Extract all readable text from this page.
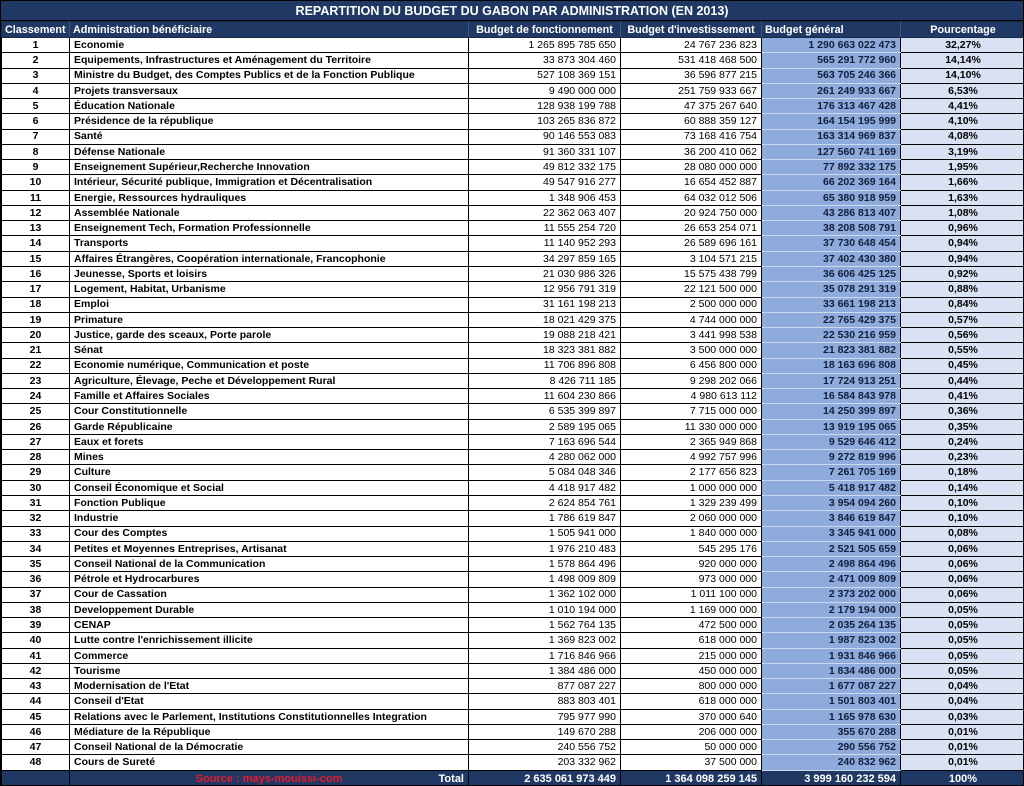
REPARTITION DU BUDGET DU GABON PAR ADMINISTRATION (EN 2013)
Classement	Administration bénéficiaire	Budget de fonctionnement	Budget d'investissement	Budget général	Pourcentage
1	Economie	1 265 895 785 650	24 767 236 823	1 290 663 022 473	32,27%
2	Equipements, Infrastructures et Aménagement du Territoire	33 873 304 460	531 418 468 500	565 291 772 960	14,14%
3	Ministre du Budget, des Comptes Publics et de la Fonction Publique	527 108 369 151	36 596 877 215	563 705 246 366	14,10%
4	Projets transversaux	9 490 000 000	251 759 933 667	261 249 933 667	6,53%
5	Éducation Nationale	128 938 199 788	47 375 267 640	176 313 467 428	4,41%
6	Présidence de la république	103 265 836 872	60 888 359 127	164 154 195 999	4,10%
7	Santé	90 146 553 083	73 168 416 754	163 314 969 837	4,08%
8	Défense Nationale	91 360 331 107	36 200 410 062	127 560 741 169	3,19%
9	Enseignement Supérieur,Recherche Innovation	49 812 332 175	28 080 000 000	77 892 332 175	1,95%
10	Intérieur, Sécurité publique, Immigration et Décentralisation	49 547 916 277	16 654 452 887	66 202 369 164	1,66%
11	Energie, Ressources hydrauliques	1 348 906 453	64 032 012 506	65 380 918 959	1,63%
12	Assemblée Nationale	22 362 063 407	20 924 750 000	43 286 813 407	1,08%
13	Enseignement Tech, Formation Professionnelle	11 555 254 720	26 653 254 071	38 208 508 791	0,96%
14	Transports	11 140 952 293	26 589 696 161	37 730 648 454	0,94%
15	Affaires Étrangères, Coopération internationale, Francophonie	34 297 859 165	3 104 571 215	37 402 430 380	0,94%
16	Jeunesse, Sports et loisirs	21 030 986 326	15 575 438 799	36 606 425 125	0,92%
17	Logement, Habitat, Urbanisme	12 956 791 319	22 121 500 000	35 078 291 319	0,88%
18	Emploi	31 161 198 213	2 500 000 000	33 661 198 213	0,84%
19	Primature	18 021 429 375	4 744 000 000	22 765 429 375	0,57%
20	Justice, garde des sceaux, Porte parole	19 088 218 421	3 441 998 538	22 530 216 959	0,56%
21	Sénat	18 323 381 882	3 500 000 000	21 823 381 882	0,55%
22	Economie numérique, Communication et poste	11 706 896 808	6 456 800 000	18 163 696 808	0,45%
23	Agriculture, Élevage, Peche et Développement Rural	8 426 711 185	9 298 202 066	17 724 913 251	0,44%
24	Famille et Affaires Sociales	11 604 230 866	4 980 613 112	16 584 843 978	0,41%
25	Cour Constitutionnelle	6 535 399 897	7 715 000 000	14 250 399 897	0,36%
26	Garde Républicaine	2 589 195 065	11 330 000 000	13 919 195 065	0,35%
27	Eaux et forets	7 163 696 544	2 365 949 868	9 529 646 412	0,24%
28	Mines	4 280 062 000	4 992 757 996	9 272 819 996	0,23%
29	Culture	5 084 048 346	2 177 656 823	7 261 705 169	0,18%
30	Conseil Économique et Social	4 418 917 482	1 000 000 000	5 418 917 482	0,14%
31	Fonction Publique	2 624 854 761	1 329 239 499	3 954 094 260	0,10%
32	Industrie	1 786 619 847	2 060 000 000	3 846 619 847	0,10%
33	Cour des Comptes	1 505 941 000	1 840 000 000	3 345 941 000	0,08%
34	Petites et Moyennes Entreprises, Artisanat	1 976 210 483	545 295 176	2 521 505 659	0,06%
35	Conseil National de la Communication	1 578 864 496	920 000 000	2 498 864 496	0,06%
36	Pétrole et Hydrocarbures	1 498 009 809	973 000 000	2 471 009 809	0,06%
37	Cour de Cassation	1 362 102 000	1 011 100 000	2 373 202 000	0,06%
38	Developpement Durable	1 010 194 000	1 169 000 000	2 179 194 000	0,05%
39	CENAP	1 562 764 135	472 500 000	2 035 264 135	0,05%
40	Lutte contre l'enrichissement illicite	1 369 823 002	618 000 000	1 987 823 002	0,05%
41	Commerce	1 716 846 966	215 000 000	1 931 846 966	0,05%
42	Tourisme	1 384 486 000	450 000 000	1 834 486 000	0,05%
43	Modernisation de l'Etat	877 087 227	800 000 000	1 677 087 227	0,04%
44	Conseil d'Etat	883 803 401	618 000 000	1 501 803 401	0,04%
45	Relations avec le Parlement, Institutions Constitutionnelles Integration	795 977 990	370 000 640	1 165 978 630	0,03%
46	Médiature de la République	149 670 288	206 000 000	355 670 288	0,01%
47	Conseil National de la Démocratie	240 556 752	50 000 000	290 556 752	0,01%
48	Cours de Sureté	203 332 962	37 500 000	240 832 962	0,01%
	Source : mays-mouissi-com Total	2 635 061 973 449	1 364 098 259 145	3 999 160 232 594	100%
